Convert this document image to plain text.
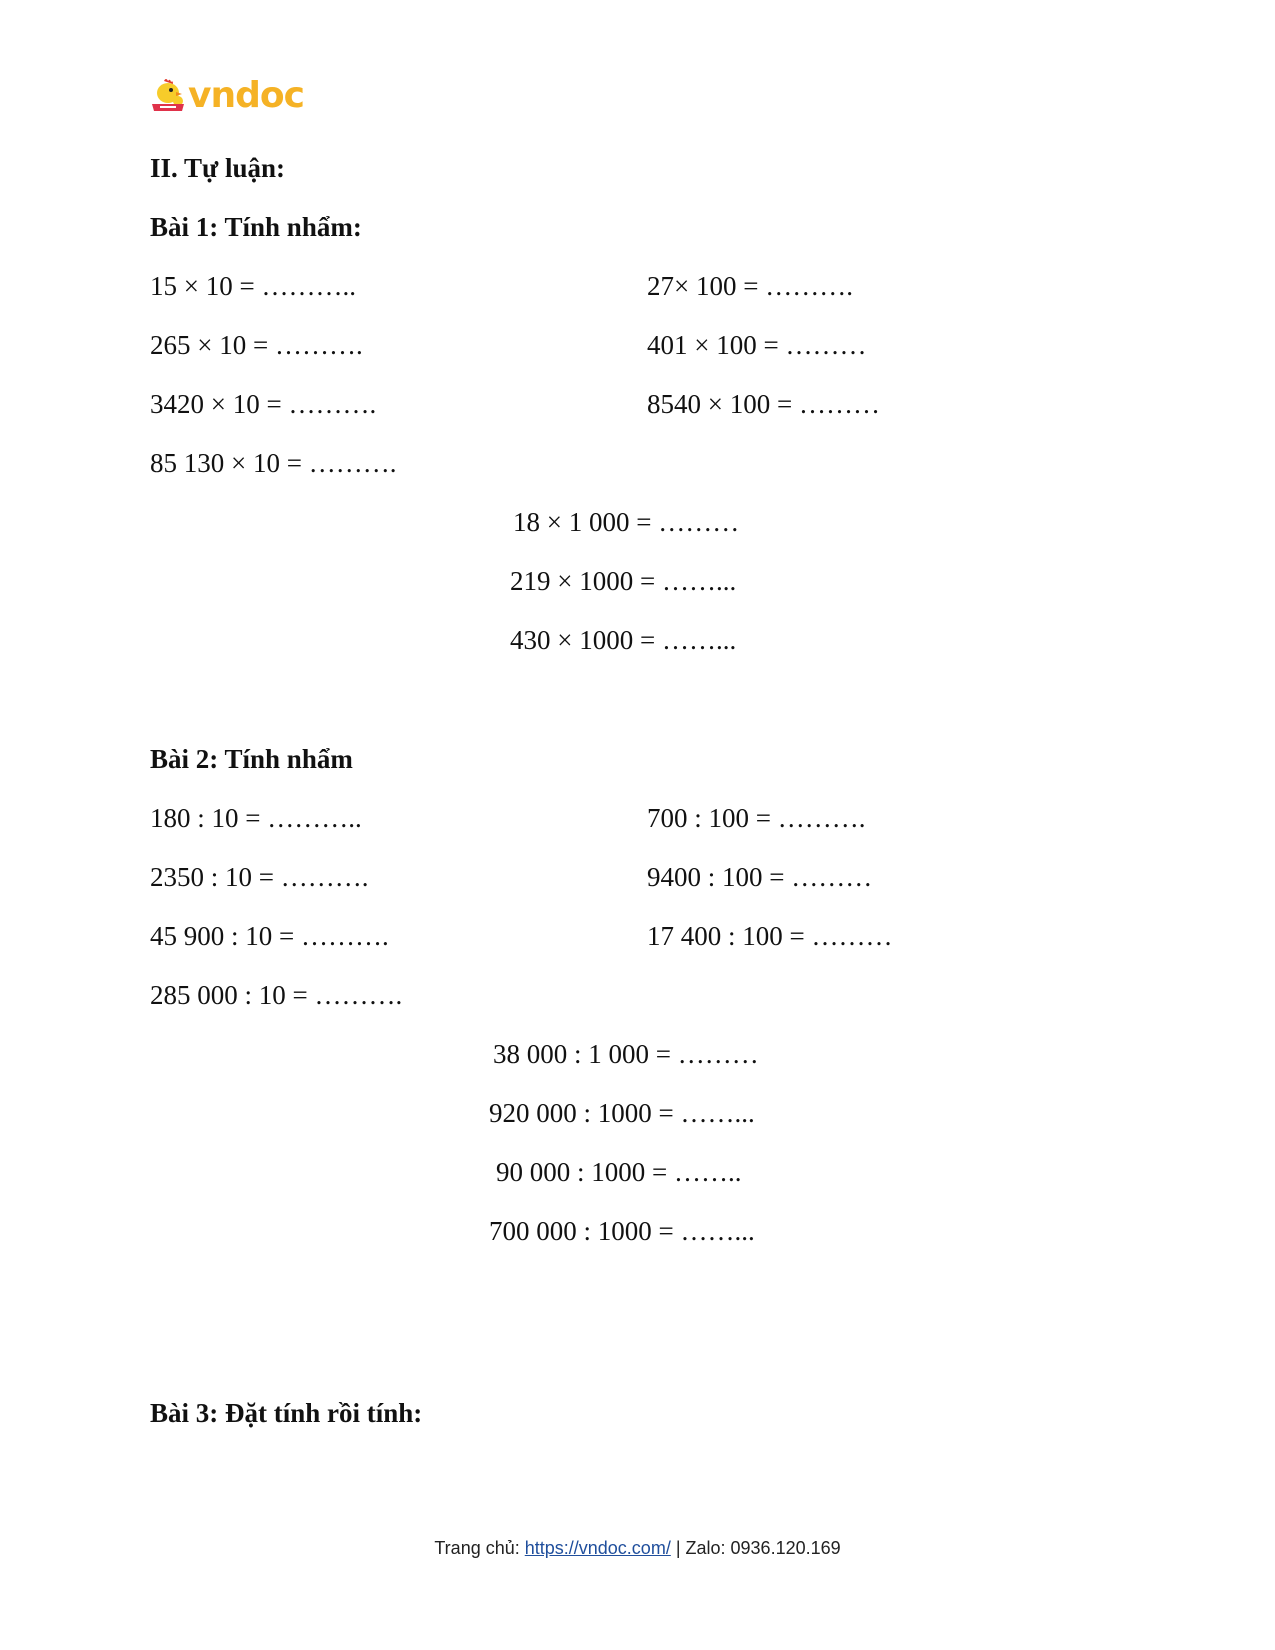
vndoc
II. Tự luận:
Bài 1: Tính nhẩm:
15 × 10 = ………..
265 × 10 = ……….
3420 × 10 = ……….
85 130 × 10 = ……….
27× 100 = ……….
401 × 100 = ………
8540 × 100 = ………
18 × 1 000 = ………
219 × 1000 = ……...
430 × 1000 = ……...
Bài 2: Tính nhẩm
180 : 10 = ………..
2350 : 10 = ……….
45 900 : 10 = ……….
285 000 : 10 = ……….
700 : 100 = ……….
9400 : 100 = ………
17 400 : 100 = ………
38 000 : 1 000 = ………
920 000 : 1000 = ……...
90 000 : 1000 = ……..
700 000 : 1000 = ……...
Bài 3: Đặt tính rồi tính:
Trang chủ: https://vndoc.com/ | Zalo: 0936.120.169
